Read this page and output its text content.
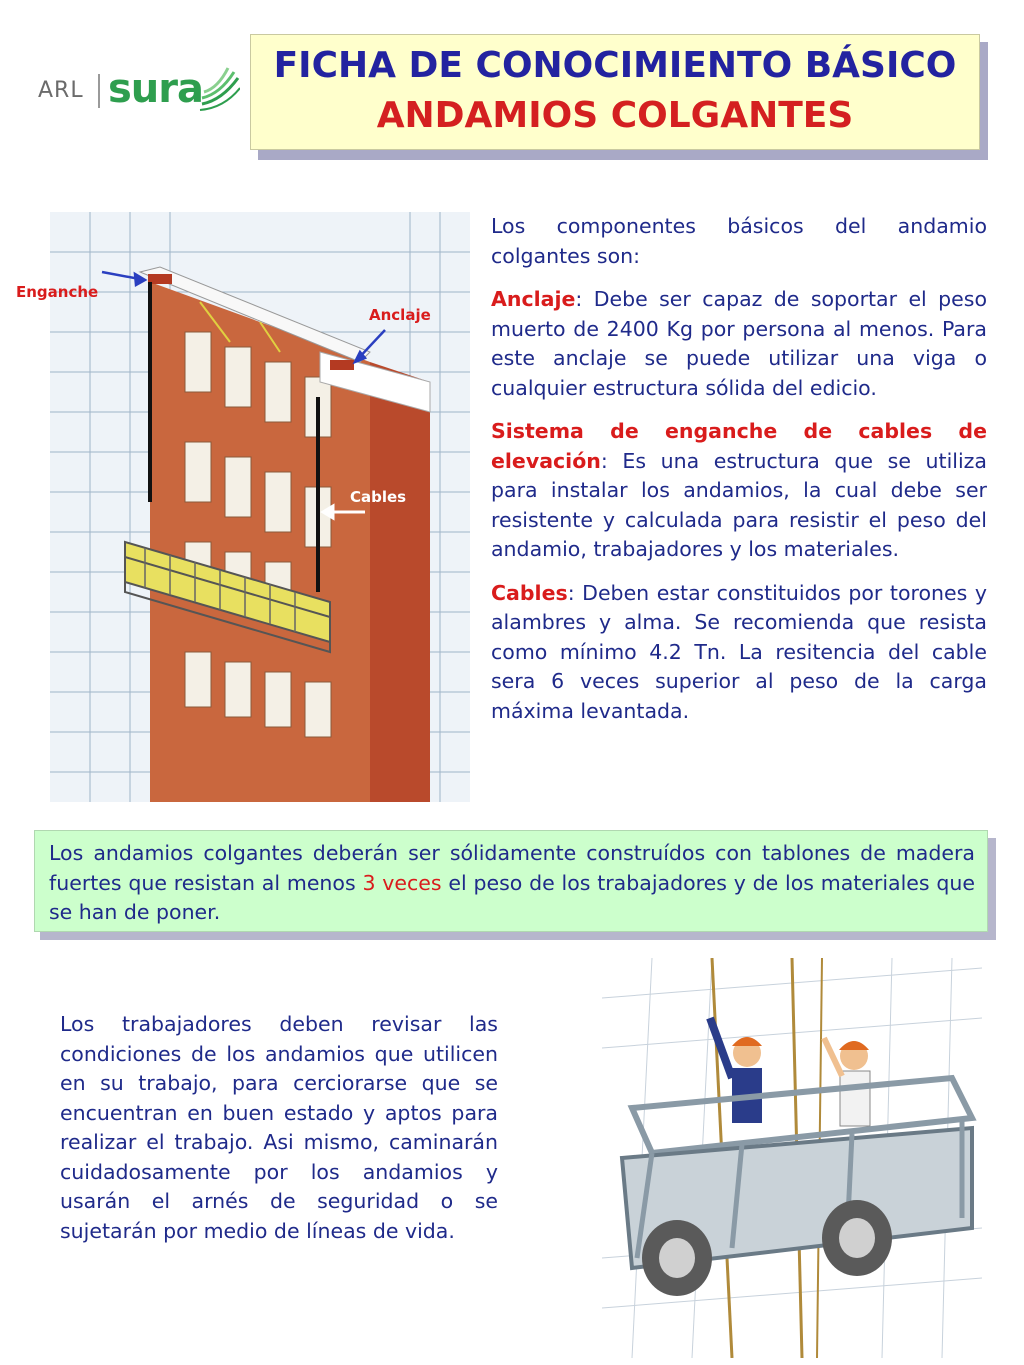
ARL sura
FICHA DE CONOCIMIENTO BÁSICO
ANDAMIOS COLGANTES
Enganche
Anclaje
Cables

Los componentes básicos del andamio colgantes son:

Anclaje: Debe ser capaz de soportar el peso muerto de 2400 Kg por persona al menos. Para este anclaje se puede utilizar una viga o cualquier estructura sólida del edicio.

Sistema de enganche de cables de elevación: Es una estructura que se utiliza para instalar los andamios, la cual debe ser resistente y calculada para resistir el peso del andamio, trabajadores y los materiales.

Cables: Deben estar constituidos por torones y alambres y alma. Se recomienda que resista como mínimo 4.2 Tn. La resitencia del cable sera 6 veces superior al peso de la carga máxima levantada.

Los andamios colgantes deberán ser sólidamente construídos con tablones de madera fuertes que resistan al menos 3 veces el peso de los trabajadores y de los materiales que se han de poner.
Los trabajadores deben revisar las condiciones de los andamios que utilicen en su trabajo, para cerciorarse que se encuentran en buen estado y aptos para realizar el trabajo. Asi mismo, caminarán cuidadosamente por los andamios y usarán el arnés de seguridad o se sujetarán por medio de líneas de vida.
